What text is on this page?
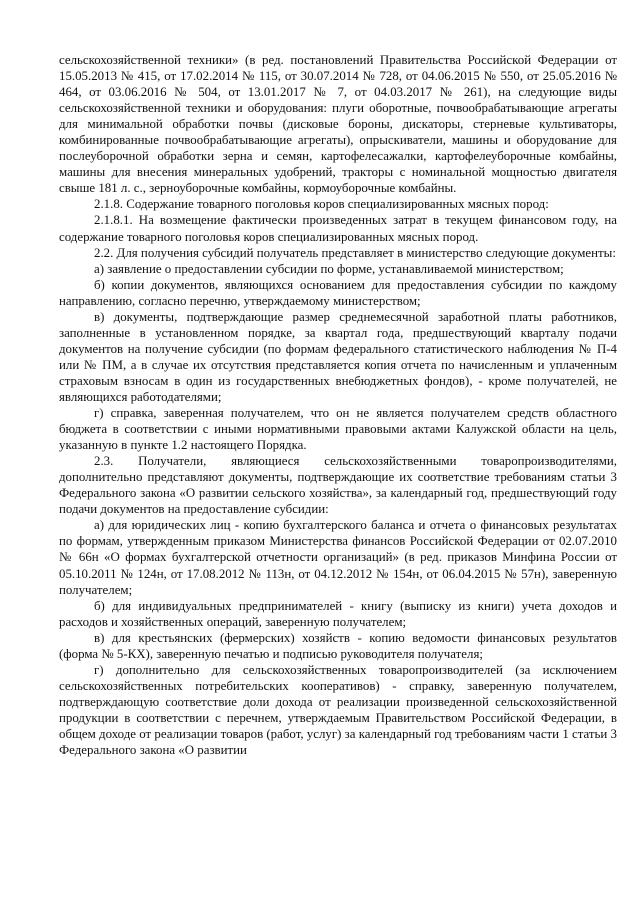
сельскохозяйственной техники» (в ред. постановлений Правительства Российской Федерации от 15.05.2013 № 415, от 17.02.2014 № 115, от 30.07.2014 № 728, от 04.06.2015 № 550, от 25.05.2016 № 464, от 03.06.2016 № 504, от 13.01.2017 № 7, от 04.03.2017 № 261), на следующие виды сельскохозяйственной техники и оборудования: плуги оборотные, почвообрабатывающие агрегаты для минимальной обработки почвы (дисковые бороны, дискаторы, стерневые культиваторы, комбинированные почвообрабатывающие агрегаты), опрыскиватели, машины и оборудование для послеуборочной обработки зерна и семян, картофелесажалки, картофелеуборочные комбайны, машины для внесения минеральных удобрений, тракторы с номинальной мощностью двигателя свыше 181 л. с., зерноуборочные комбайны, кормоуборочные комбайны.

2.1.8. Содержание товарного поголовья коров специализированных мясных пород:

2.1.8.1. На возмещение фактически произведенных затрат в текущем финансовом году, на содержание товарного поголовья коров специализированных мясных пород.

2.2. Для получения субсидий получатель представляет в министерство следующие документы:

а) заявление о предоставлении субсидии по форме, устанавливаемой министерством;

б) копии документов, являющихся основанием для предоставления субсидии по каждому направлению, согласно перечню, утверждаемому министерством;

в) документы, подтверждающие размер среднемесячной заработной платы работников, заполненные в установленном порядке, за квартал года, предшествующий кварталу подачи документов на получение субсидии (по формам федерального статистического наблюдения № П-4 или № ПМ, а в случае их отсутствия представляется копия отчета по начисленным и уплаченным страховым взносам в один из государственных внебюджетных фондов), - кроме получателей, не являющихся работодателями;

г) справка, заверенная получателем, что он не является получателем средств областного бюджета в соответствии с иными нормативными правовыми актами Калужской области на цель, указанную в пункте 1.2 настоящего Порядка.

2.3. Получатели, являющиеся сельскохозяйственными товаропроизводителями, дополнительно представляют документы, подтверждающие их соответствие требованиям статьи 3 Федерального закона «О развитии сельского хозяйства», за календарный год, предшествующий году подачи документов на предоставление субсидии:

а) для юридических лиц - копию бухгалтерского баланса и отчета о финансовых результатах по формам, утвержденным приказом Министерства финансов Российской Федерации от 02.07.2010 № 66н «О формах бухгалтерской отчетности организаций» (в ред. приказов Минфина России от 05.10.2011 № 124н, от 17.08.2012 № 113н, от 04.12.2012 № 154н, от 06.04.2015 № 57н), заверенную получателем;

б) для индивидуальных предпринимателей - книгу (выписку из книги) учета доходов и расходов и хозяйственных операций, заверенную получателем;

в) для крестьянских (фермерских) хозяйств - копию ведомости финансовых результатов (форма № 5-КХ), заверенную печатью и подписью руководителя получателя;

г) дополнительно для сельскохозяйственных товаропроизводителей (за исключением сельскохозяйственных потребительских кооперативов) - справку, заверенную получателем, подтверждающую соответствие доли дохода от реализации произведенной сельскохозяйственной продукции в соответствии с перечнем, утверждаемым Правительством Российской Федерации, в общем доходе от реализации товаров (работ, услуг) за календарный год требованиям части 1 статьи 3 Федерального закона «О развитии
